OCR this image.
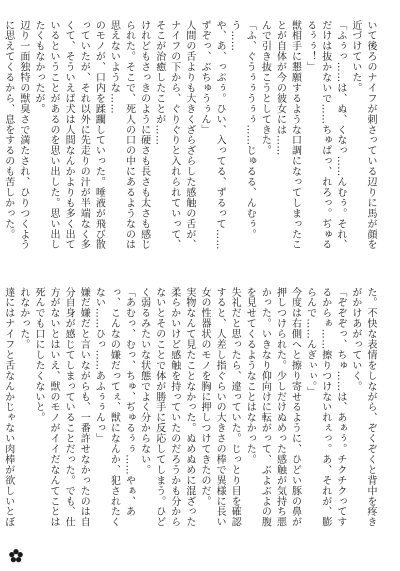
いて後ろのナイフが刺さっている辺りに馬が顔を近づけていた。

「ふぅっ……は、ぬ、くなっ……んむぅ。それ、だけは抜かないで……ちゅぱっ、れろっ。ぢゅるるぅぅ！」

獣相手に懇願するような口調になってしまったことが自体が今の彼女には……

んで引き抜こうとしてきた。

「ふ、ぐうぅぅうぅぅ……じゅるる、んむぅ。う……

や、あ、っぷぅ。ひい、入ってる、ずるって……ずぞっ、ぶちゅうぅん」

人間の舌よりも大きくざらざらした感触の舌が、ナイフの下から、ぐりぐりと入れられていって、そこが治癒したことが……

けれどもさっきのように硬さも長さも太さも感じられた。そこで、死人の口の中にあるようなのは思えないような……

のモノが、口内を蹂躙していった。唾液が飛び散っていたが、それ以外に先走りの汁が半端なく多くて、そういえば犬は人間なんかよりも多く出ているということがあるのを思い出した。思い出したくもなかったが。

辺り一面独特の獣臭さで満たされ、ひりつくように思えてくるから、息をするのも苦しかった。

た。不快な表情をしながら、ぞくぞくと背中を疼きがかけあがっていく。

「ぞぞぞっ、ちゅ……は、あぁぅ。チクチクってするからぁ……擦りつけないれぇっ。あ、それが、膨らんで……んぎぃぃ。」

今度は右側へと擦り寄せるように、ひどい豚の鼻が押しつけられた。少しだけぬめった感触が気持ち悪かった。いきなり仰向けに転がって、ぶよぶよの腹を見せてくるようなことはなかった。

失礼だと思ったら、違っていた。じっとり目を確認すると、人差し指ぐらいの大きさの棒で異様に長い女の性器状のモノを胸に押しつけてきたのだ。

実物なんて見たことなかった。ぬめぬめに混ざった柔らかいけど感触を持っていたのだろうかも分からないとそのことで体が勝手に反応してしまう。ひどく弱るみたいな状態でよく分からない。

「あむっ、むっ、ちゅ、ぢゅるぅぅ……やぁ、あっ、こんなの嫌だってぇ、獣になんか、犯されたくない……ひっ……あふぅぅんっ」

嫌だ嫌だと言いながらも、一番許せなかったのは自分自身が感じてしまっていることだった。でも、仕方がないとはいえ、獣のモノがイイだなんてことは死んでも口にしたくないと。

れなかった。

達にはナイフと舌なんかじゃない肉棒が欲しいとぼ
